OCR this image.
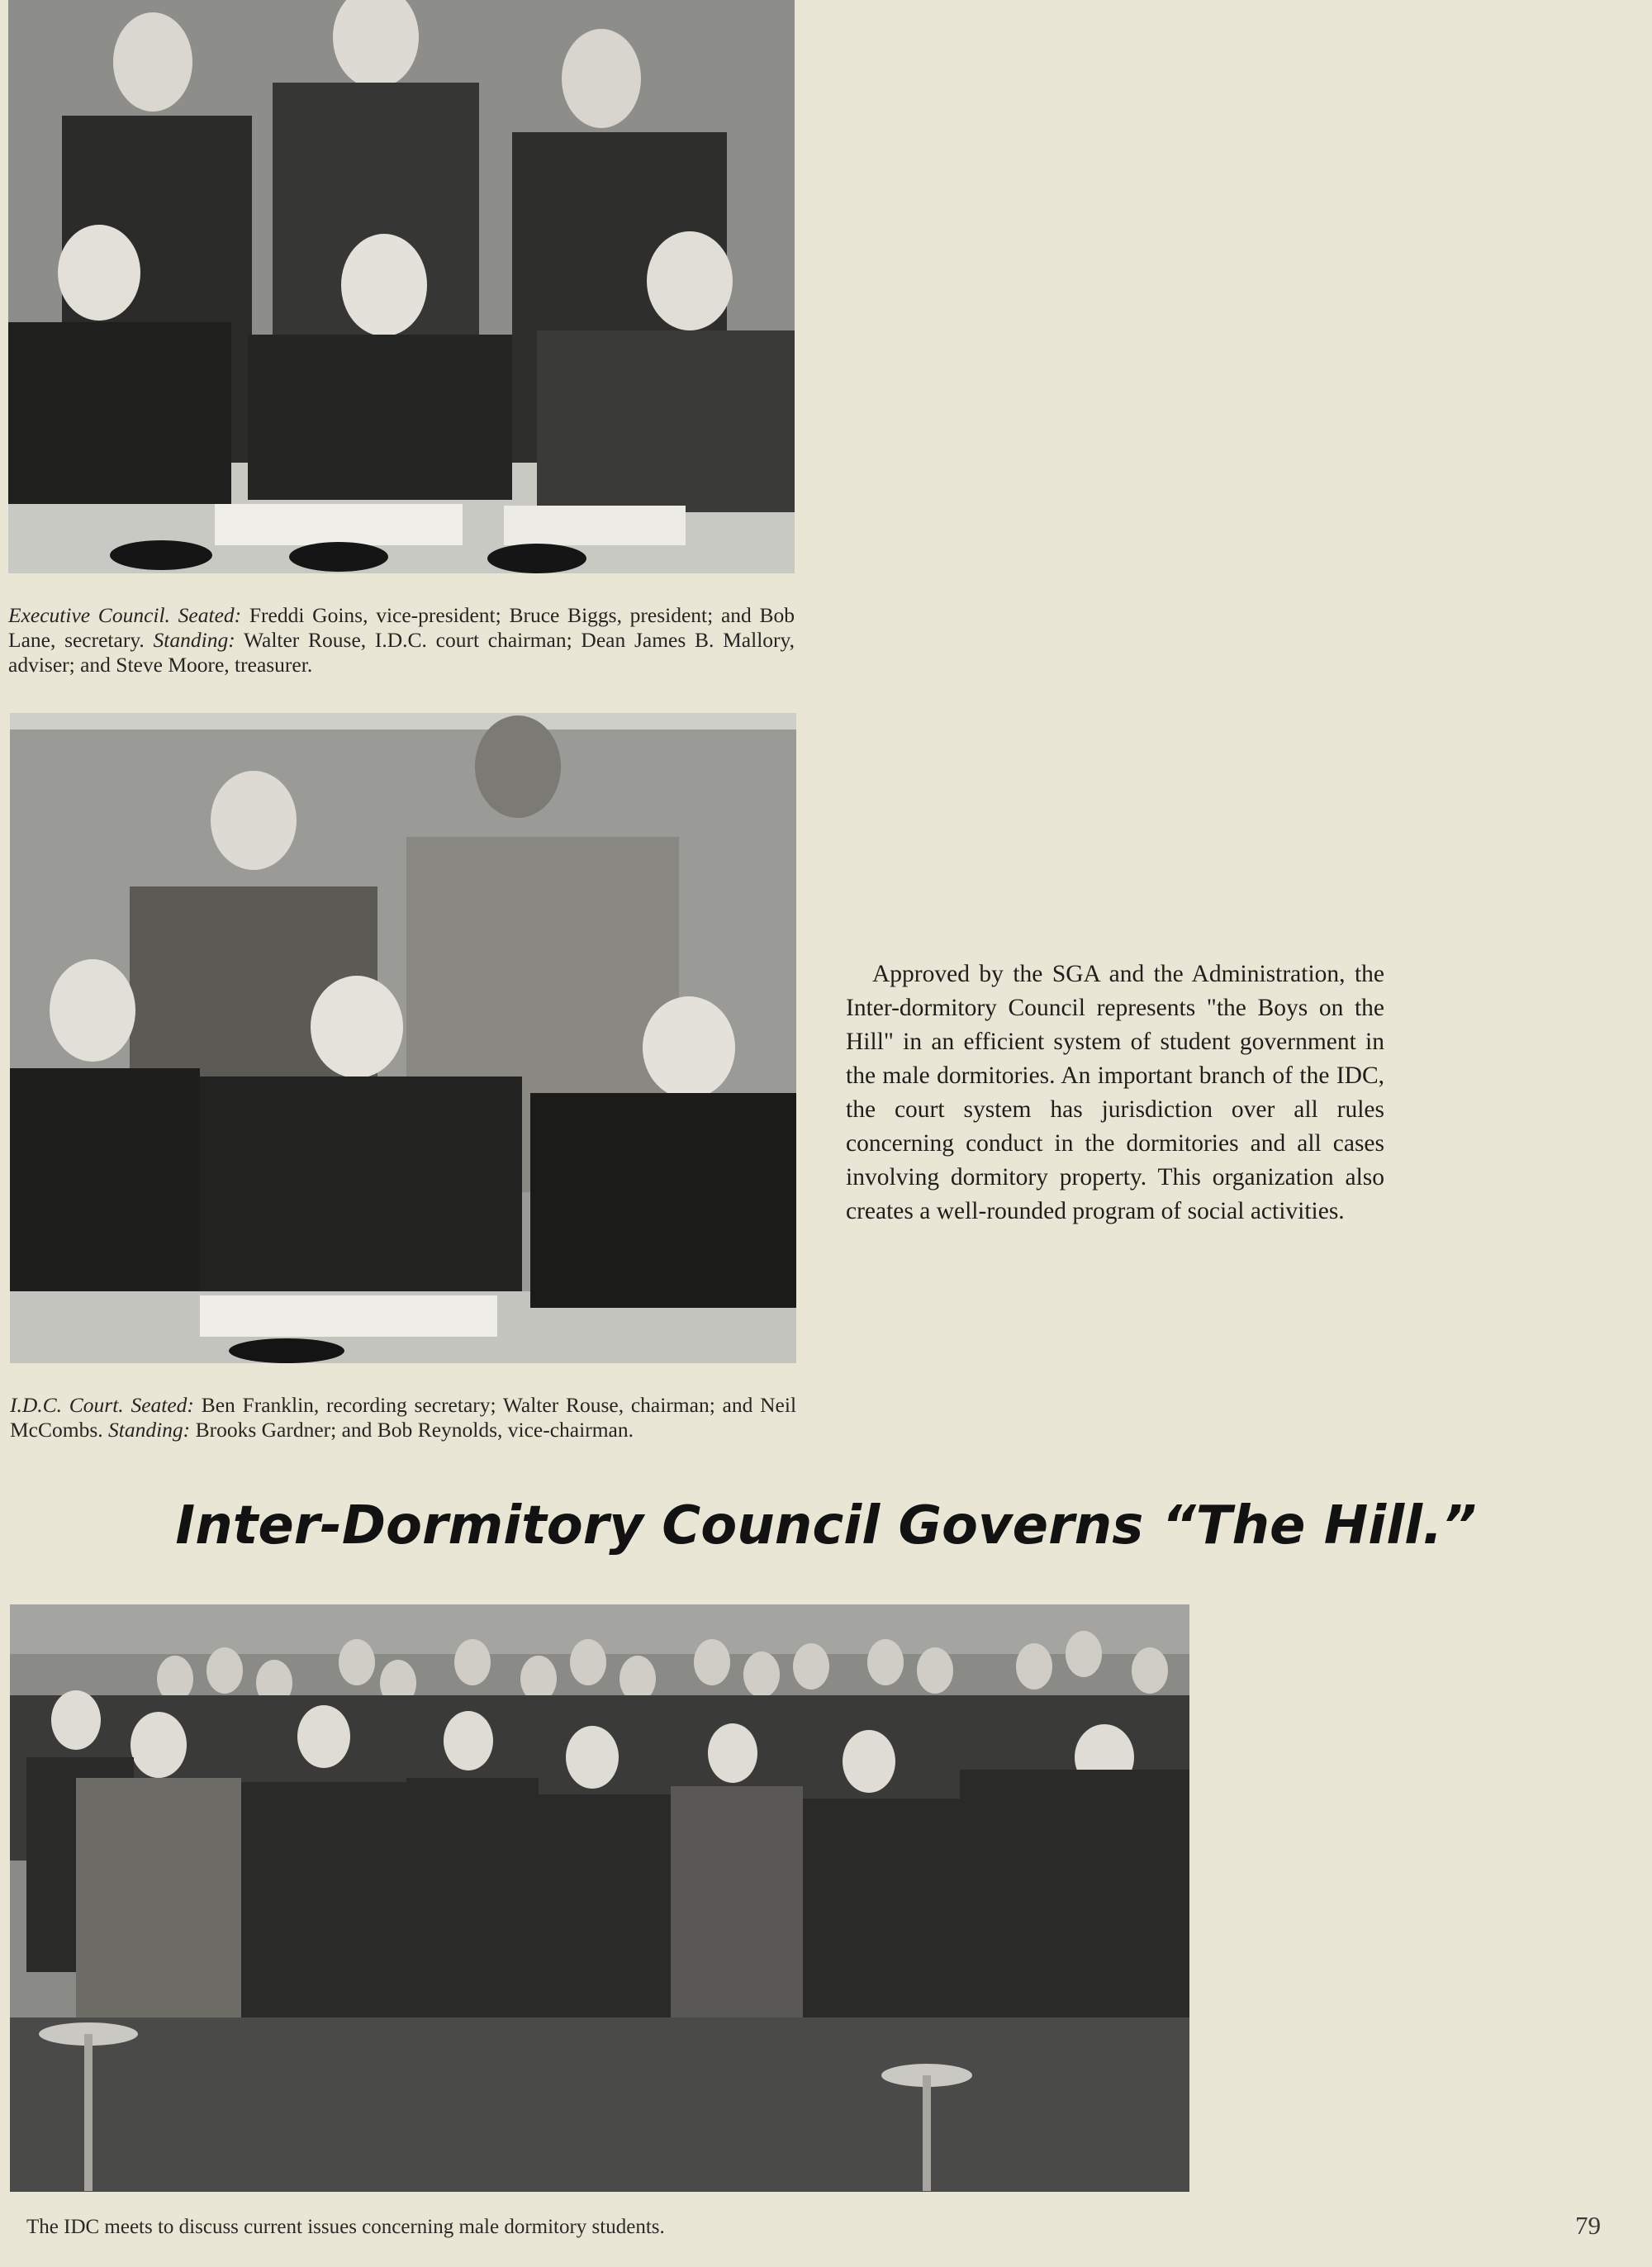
Executive Council. Seated: Freddi Goins, vice-president; Bruce Biggs, president; and Bob Lane, secretary. Standing: Walter Rouse, I.D.C. court chairman; Dean James B. Mallory, adviser; and Steve Moore, treasurer.
I.D.C. Court. Seated: Ben Franklin, recording secretary; Walter Rouse, chairman; and Neil McCombs. Standing: Brooks Gardner; and Bob Reynolds, vice-chairman.

Approved by the SGA and the Administration, the Inter-dormitory Council represents "the Boys on the Hill" in an efficient system of student government in the male dormitories. An important branch of the IDC, the court system has jurisdiction over all rules concerning conduct in the dormitories and all cases involving dormitory property. This organization also creates a well-rounded program of social activities.

Inter-Dormitory Council Governs “The Hill.”
The IDC meets to discuss current issues concerning male dormitory students.	79
